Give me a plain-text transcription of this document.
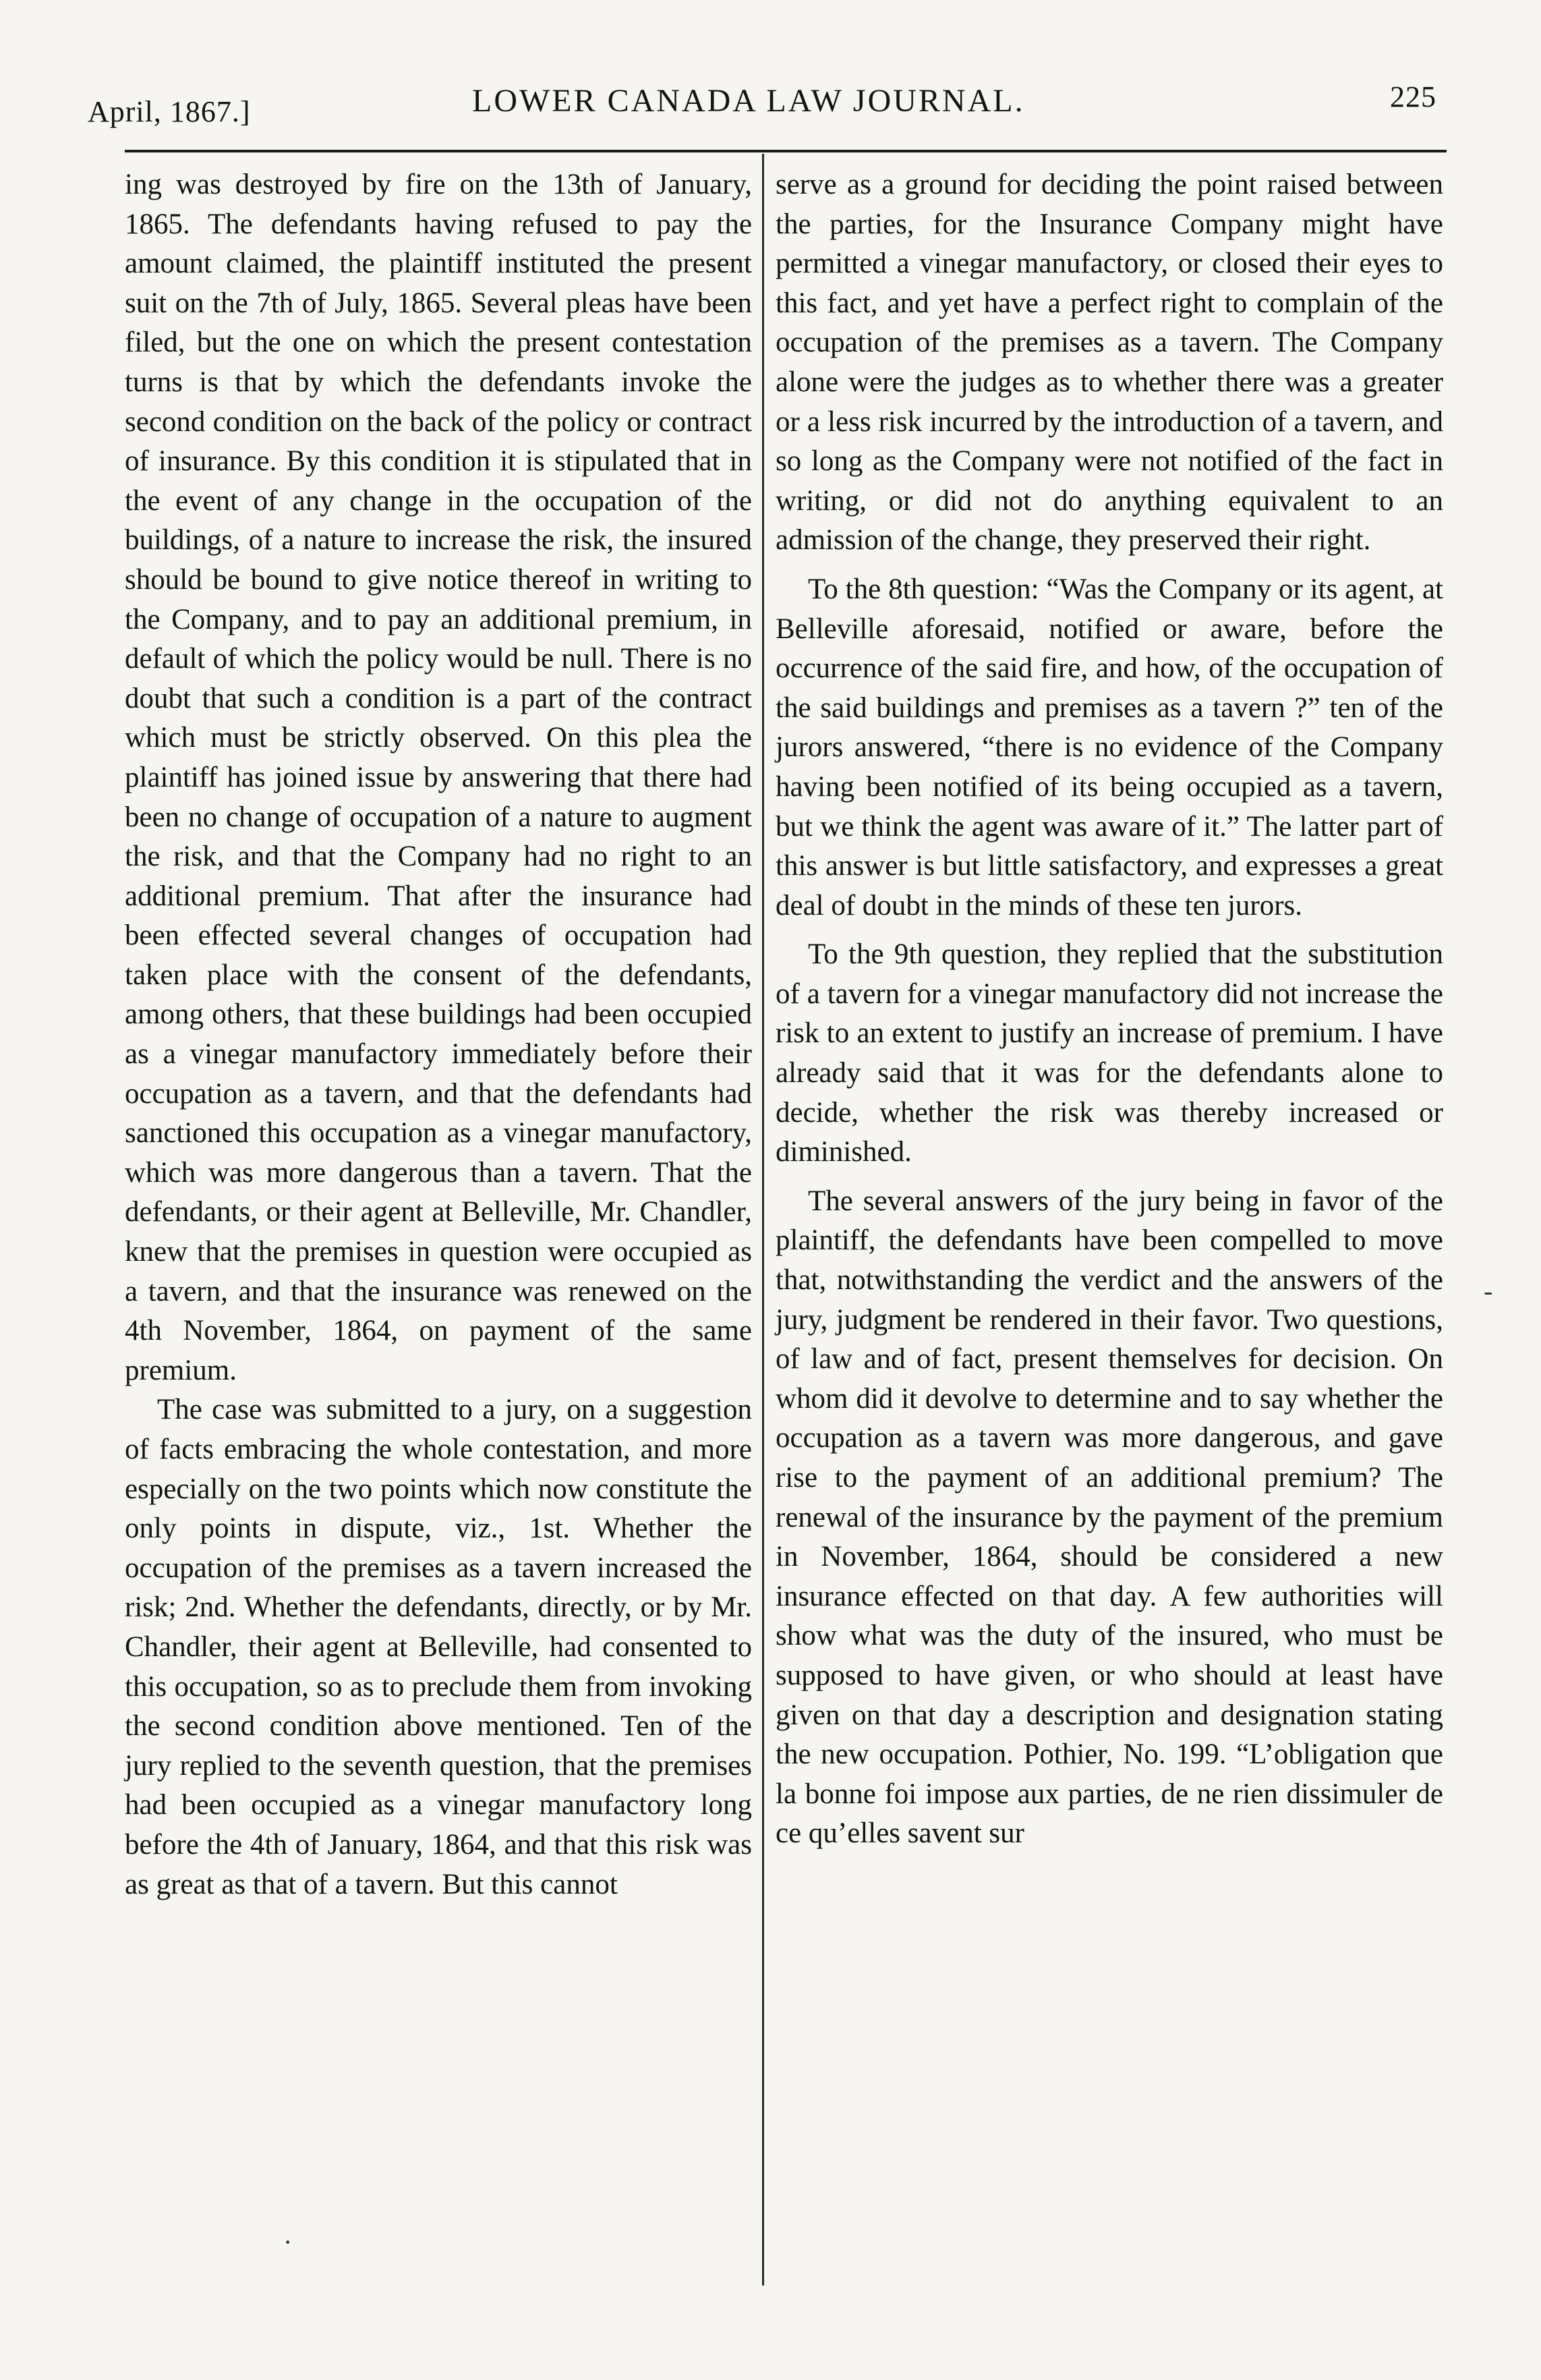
April, 1867.]	LOWER CANADA LAW JOURNAL.	225

ing was destroyed by fire on the 13th of January, 1865. The defendants having refused to pay the amount claimed, the plaintiff instituted the present suit on the 7th of July, 1865. Several pleas have been filed, but the one on which the present contestation turns is that by which the defendants invoke the second condition on the back of the policy or contract of insurance. By this condition it is stipulated that in the event of any change in the occupation of the buildings, of a nature to increase the risk, the insured should be bound to give notice thereof in writing to the Company, and to pay an additional premium, in default of which the policy would be null. There is no doubt that such a condition is a part of the contract which must be strictly observed. On this plea the plaintiff has joined issue by answering that there had been no change of occupation of a nature to augment the risk, and that the Company had no right to an additional premium. That after the insurance had been effected several changes of occupation had taken place with the consent of the defendants, among others, that these buildings had been occupied as a vinegar manufactory immediately before their occupation as a tavern, and that the defendants had sanctioned this occupation as a vinegar manufactory, which was more dangerous than a tavern. That the defendants, or their agent at Belleville, Mr. Chandler, knew that the premises in question were occupied as a tavern, and that the insurance was renewed on the 4th November, 1864, on payment of the same premium.

The case was submitted to a jury, on a suggestion of facts embracing the whole contestation, and more especially on the two points which now constitute the only points in dispute, viz., 1st. Whether the occupation of the premises as a tavern increased the risk; 2nd. Whether the defendants, directly, or by Mr. Chandler, their agent at Belleville, had consented to this occupation, so as to preclude them from invoking the second condition above mentioned. Ten of the jury replied to the seventh question, that the premises had been occupied as a vinegar manufactory long before the 4th of January, 1864, and that this risk was as great as that of a tavern. But this cannot

serve as a ground for deciding the point raised between the parties, for the Insurance Company might have permitted a vinegar manufactory, or closed their eyes to this fact, and yet have a perfect right to complain of the occupation of the premises as a tavern. The Company alone were the judges as to whether there was a greater or a less risk incurred by the introduction of a tavern, and so long as the Company were not notified of the fact in writing, or did not do anything equivalent to an admission of the change, they preserved their right.

To the 8th question: “Was the Company or its agent, at Belleville aforesaid, notified or aware, before the occurrence of the said fire, and how, of the occupation of the said buildings and premises as a tavern ?” ten of the jurors answered, “there is no evidence of the Company having been notified of its being occupied as a tavern, but we think the agent was aware of it.” The latter part of this answer is but little satisfactory, and expresses a great deal of doubt in the minds of these ten jurors.

To the 9th question, they replied that the substitution of a tavern for a vinegar manufactory did not increase the risk to an extent to justify an increase of premium. I have already said that it was for the defendants alone to decide, whether the risk was thereby increased or diminished.

The several answers of the jury being in favor of the plaintiff, the defendants have been compelled to move that, notwithstanding the verdict and the answers of the jury, judgment be rendered in their favor. Two questions, of law and of fact, present themselves for decision. On whom did it devolve to determine and to say whether the occupation as a tavern was more dangerous, and gave rise to the payment of an additional premium? The renewal of the insurance by the payment of the premium in November, 1864, should be considered a new insurance effected on that day. A few authorities will show what was the duty of the insured, who must be supposed to have given, or who should at least have given on that day a description and designation stating the new occupation. Pothier, No. 199. “L’obligation que la bonne foi impose aux parties, de ne rien dissimuler de ce qu’elles savent sur

·
-
